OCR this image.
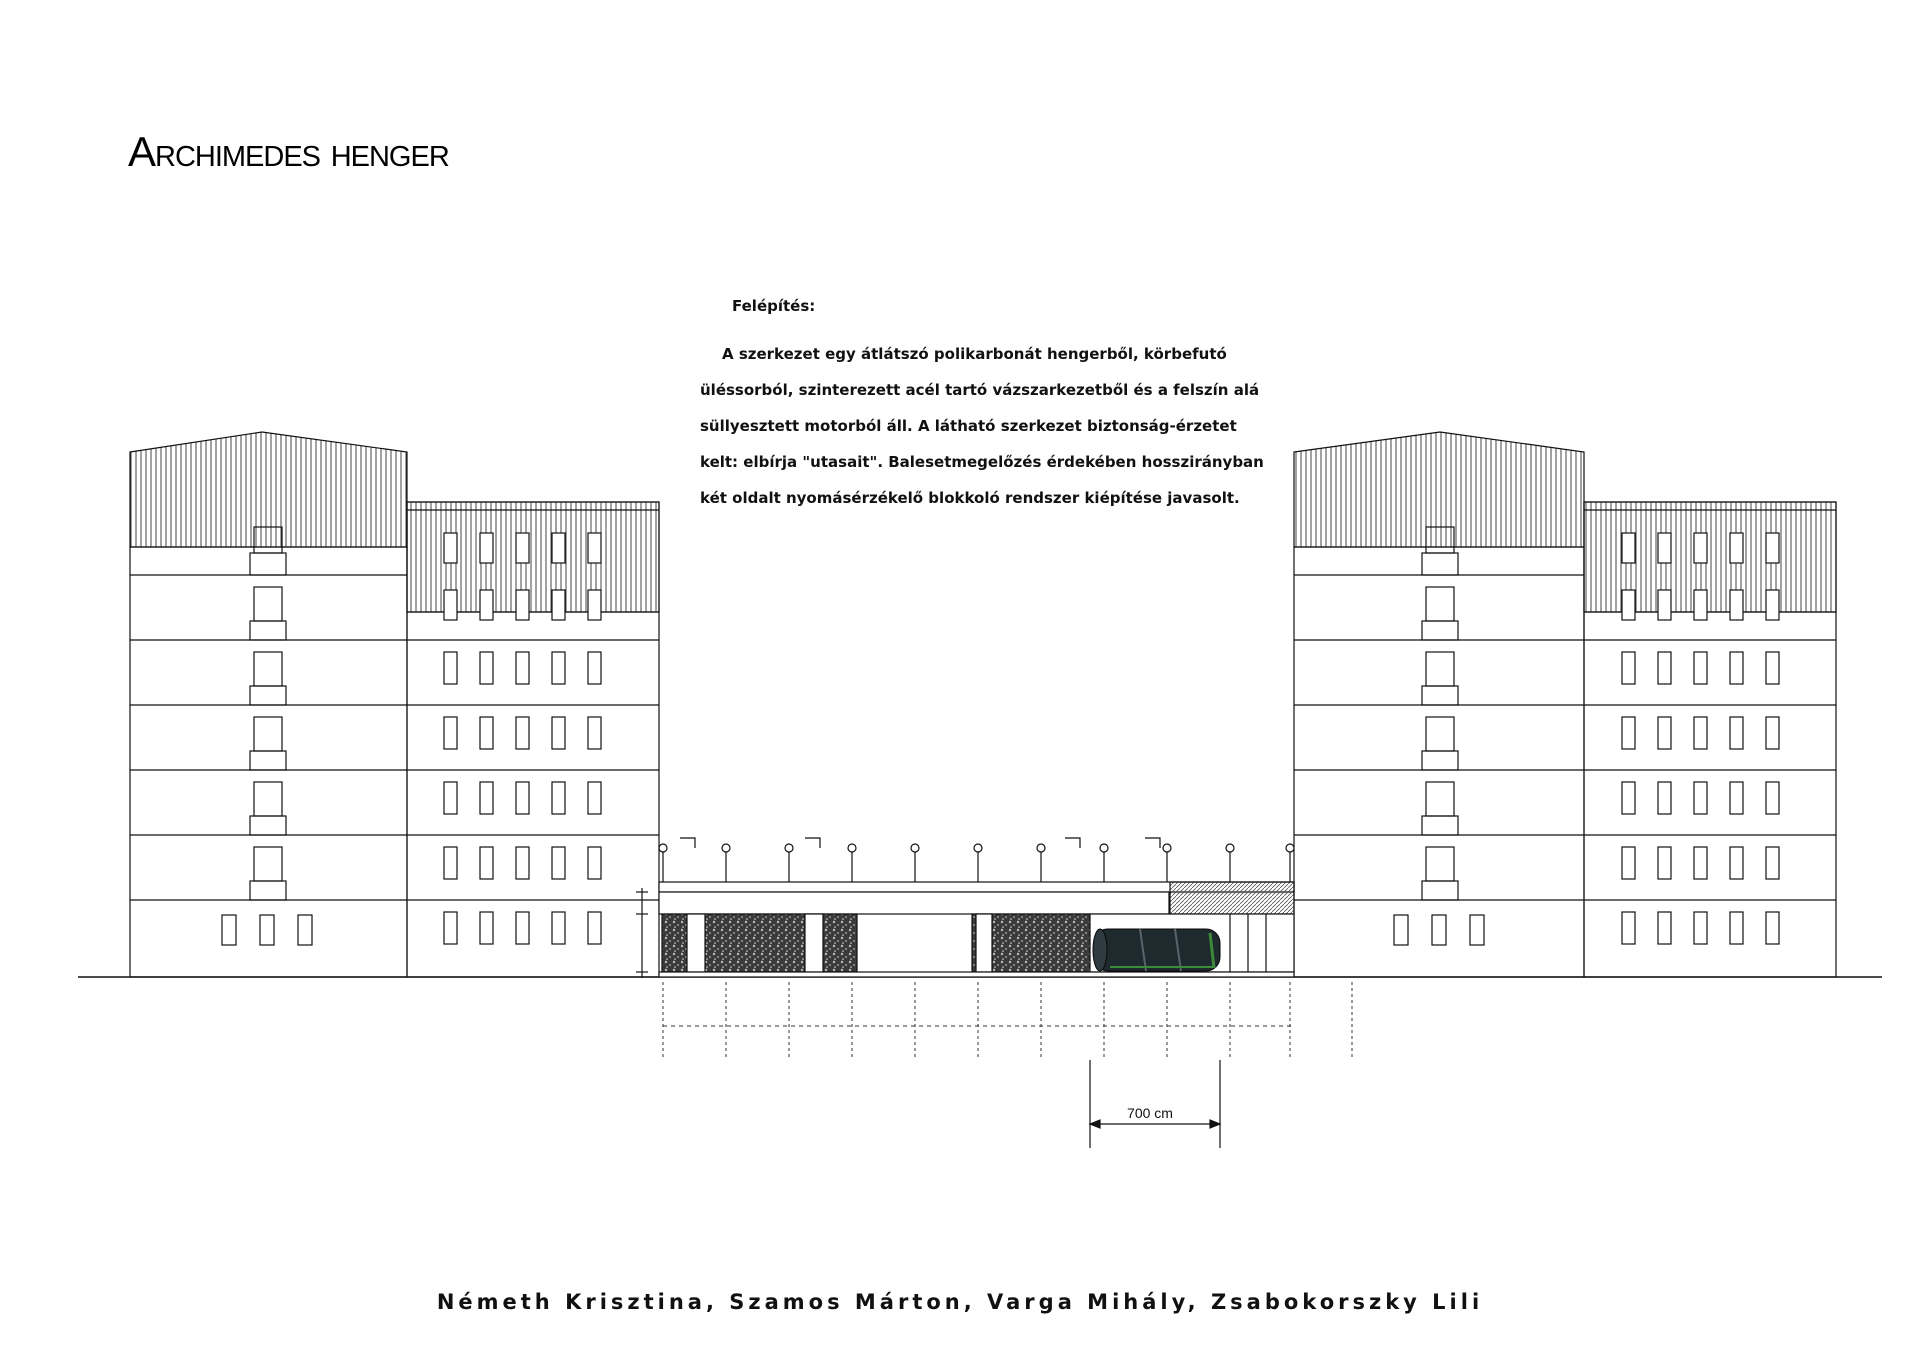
Archimedes henger
700 cm

Felépítés:

A szerkezet egy átlátszó polikarbonát hengerből, körbefutó üléssorból, szinterezett acél tartó vázszarkezetből és a felszín alá süllyesztett motorból áll. A látható szerkezet biztonság-érzetet kelt: elbírja "utasait". Balesetmegelőzés érdekében hosszirányban két oldalt nyomásérzékelő blokkoló rendszer kiépítése javasolt.

Németh Krisztina, Szamos Márton, Varga Mihály, Zsabokorszky Lili
